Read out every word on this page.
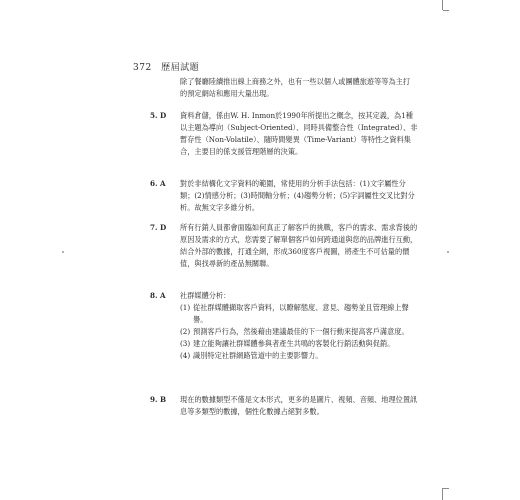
372 歷屆試題
除了餐廳陸續推出線上商務之外，也有一些以個人或團體旅遊等等為主打的預定網站和應用大量出現。
5. D	資料倉儲，係由W. H. Inmon於1990年所提出之概念，按其定義，為1種以主題為導向（Subject-Oriented）、同時具備整合性（Integrated）、非暫存性（Non-Volatile）、隨時間變異（Time-Variant）等特性之資料集合，主要目的係支援管理階層的決策。
6. A	對於非結構化文字資料的範圍，常使用的分析手法包括：(1)文字屬性分類；(2)情感分析；(3)時間軸分析；(4)趨勢分析；(5)字詞屬性交叉比對分析。故無文字多維分析。
7. D	所有行銷人員都會面臨如何真正了解客戶的挑戰，客戶的需求、需求背後的原因及需求的方式，您需要了解單個客戶如何跨通道與您的品牌進行互動，結合外部的數據，打通全網，形成360度客戶視圖，將產生不可估量的價值，與找尋新的產品無關聯。
8. A	社群媒體分析：
(1) 從社群媒體擷取客戶資料，以瞭解態度、意見、趨勢並且管理線上聲譽。
(2) 預測客戶行為，然後藉由建議最佳的下一個行動來提高客戶滿意度。
(3) 建立能夠讓社群媒體參與者產生共鳴的客製化行銷活動與促銷。
(4) 識別特定社群網路管道中的主要影響力。
9. B	現在的數據類型不僅是文本形式，更多的是圖片、視頻、音頻、地理位置訊息等多類型的數據，個性化數據占絕對多數。
